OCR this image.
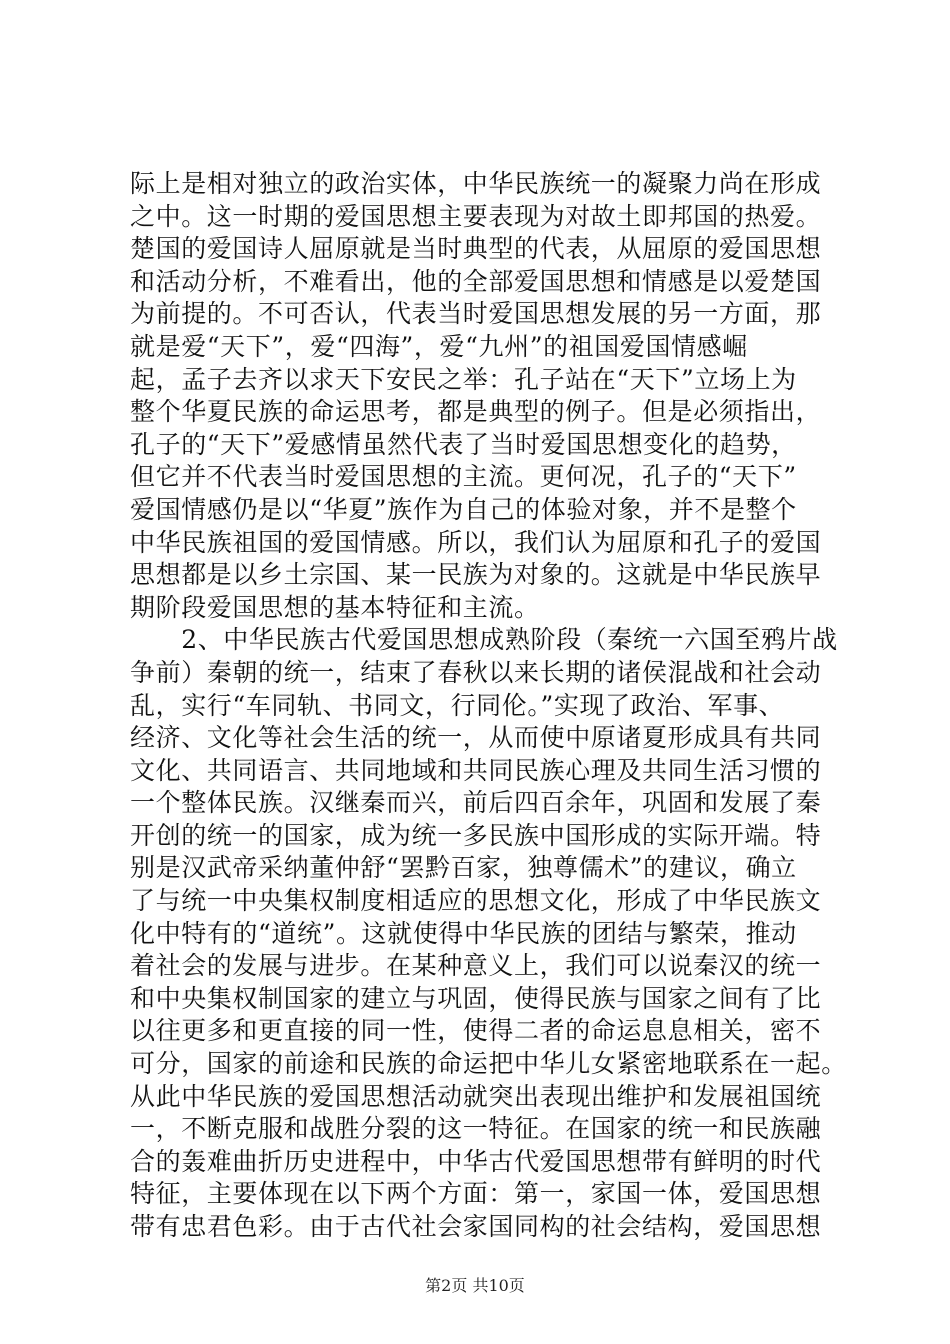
际上是相对独立的政治实体，中华民族统一的凝聚力尚在形成
之中。这一时期的爱国思想主要表现为对故土即邦国的热爱。
楚国的爱国诗人屈原就是当时典型的代表，从屈原的爱国思想
和活动分析，不难看出，他的全部爱国思想和情感是以爱楚国
为前提的。不可否认，代表当时爱国思想发展的另一方面，那
就是爱“天下”，爱“四海”，爱“九州”的祖国爱国情感崛
起，孟子去齐以求天下安民之举：孔子站在“天下”立场上为
整个华夏民族的命运思考，都是典型的例子。但是必须指出，
孔子的“天下”爱感情虽然代表了当时爱国思想变化的趋势，
但它并不代表当时爱国思想的主流。更何况，孔子的“天下”
爱国情感仍是以“华夏”族作为自己的体验对象，并不是整个
中华民族祖国的爱国情感。所以，我们认为屈原和孔子的爱国
思想都是以乡土宗国、某一民族为对象的。这就是中华民族早
期阶段爱国思想的基本特征和主流。
　　2、中华民族古代爱国思想成熟阶段（秦统一六国至鸦片战
争前）秦朝的统一，结束了春秋以来长期的诸侯混战和社会动
乱，实行“车同轨、书同文，行同伦。”实现了政治、军事、
经济、文化等社会生活的统一，从而使中原诸夏形成具有共同
文化、共同语言、共同地域和共同民族心理及共同生活习惯的
一个整体民族。汉继秦而兴，前后四百余年，巩固和发展了秦
开创的统一的国家，成为统一多民族中国形成的实际开端。特
别是汉武帝采纳董仲舒“罢黔百家，独尊儒术”的建议，确立
了与统一中央集权制度相适应的思想文化，形成了中华民族文
化中特有的“道统”。这就使得中华民族的团结与繁荣，推动
着社会的发展与进步。在某种意义上，我们可以说秦汉的统一
和中央集权制国家的建立与巩固，使得民族与国家之间有了比
以往更多和更直接的同一性，使得二者的命运息息相关，密不
可分，国家的前途和民族的命运把中华儿女紧密地联系在一起。
从此中华民族的爱国思想活动就突出表现出维护和发展祖国统
一，不断克服和战胜分裂的这一特征。在国家的统一和民族融
合的轰难曲折历史进程中，中华古代爱国思想带有鲜明的时代
特征，主要体现在以下两个方面：第一，家国一体，爱国思想
带有忠君色彩。由于古代社会家国同构的社会结构，爱国思想
第2页 共10页
